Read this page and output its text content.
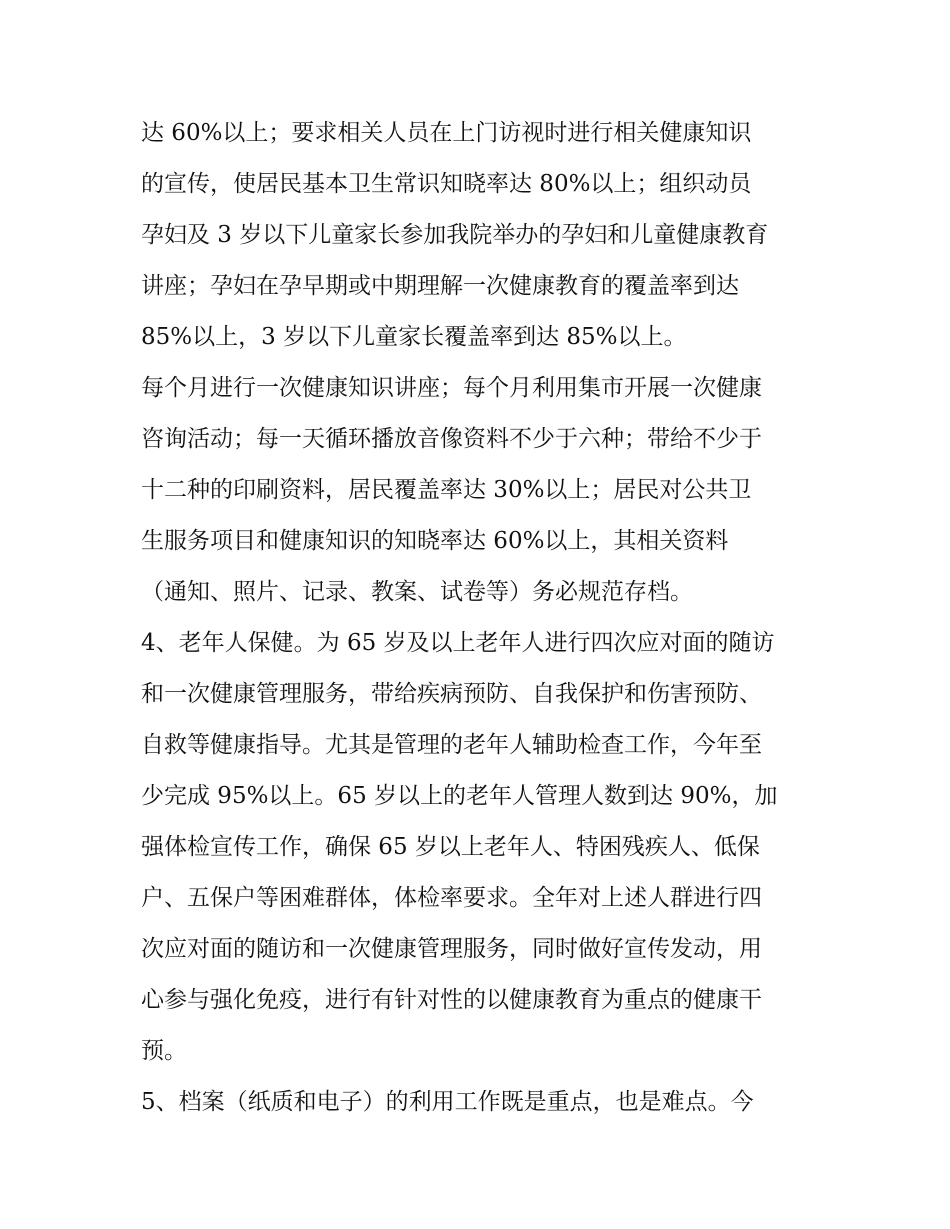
达 60%以上；要求相关人员在上门访视时进行相关健康知识
的宣传，使居民基本卫生常识知晓率达 80%以上；组织动员
孕妇及 3 岁以下儿童家长参加我院举办的孕妇和儿童健康教育
讲座；孕妇在孕早期或中期理解一次健康教育的覆盖率到达
85%以上，3 岁以下儿童家长覆盖率到达 85%以上。
每个月进行一次健康知识讲座；每个月利用集市开展一次健康
咨询活动；每一天循环播放音像资料不少于六种；带给不少于
十二种的印刷资料，居民覆盖率达 30%以上；居民对公共卫
生服务项目和健康知识的知晓率达 60%以上，其相关资料
（通知、照片、记录、教案、试卷等）务必规范存档。
4、老年人保健。为 65 岁及以上老年人进行四次应对面的随访
和一次健康管理服务，带给疾病预防、自我保护和伤害预防、
自救等健康指导。尤其是管理的老年人辅助检查工作，今年至
少完成 95%以上。65 岁以上的老年人管理人数到达 90%，加
强体检宣传工作，确保 65 岁以上老年人、特困残疾人、低保
户、五保户等困难群体，体检率要求。全年对上述人群进行四
次应对面的随访和一次健康管理服务，同时做好宣传发动，用
心参与强化免疫，进行有针对性的以健康教育为重点的健康干
预。
5、档案（纸质和电子）的利用工作既是重点，也是难点。今
